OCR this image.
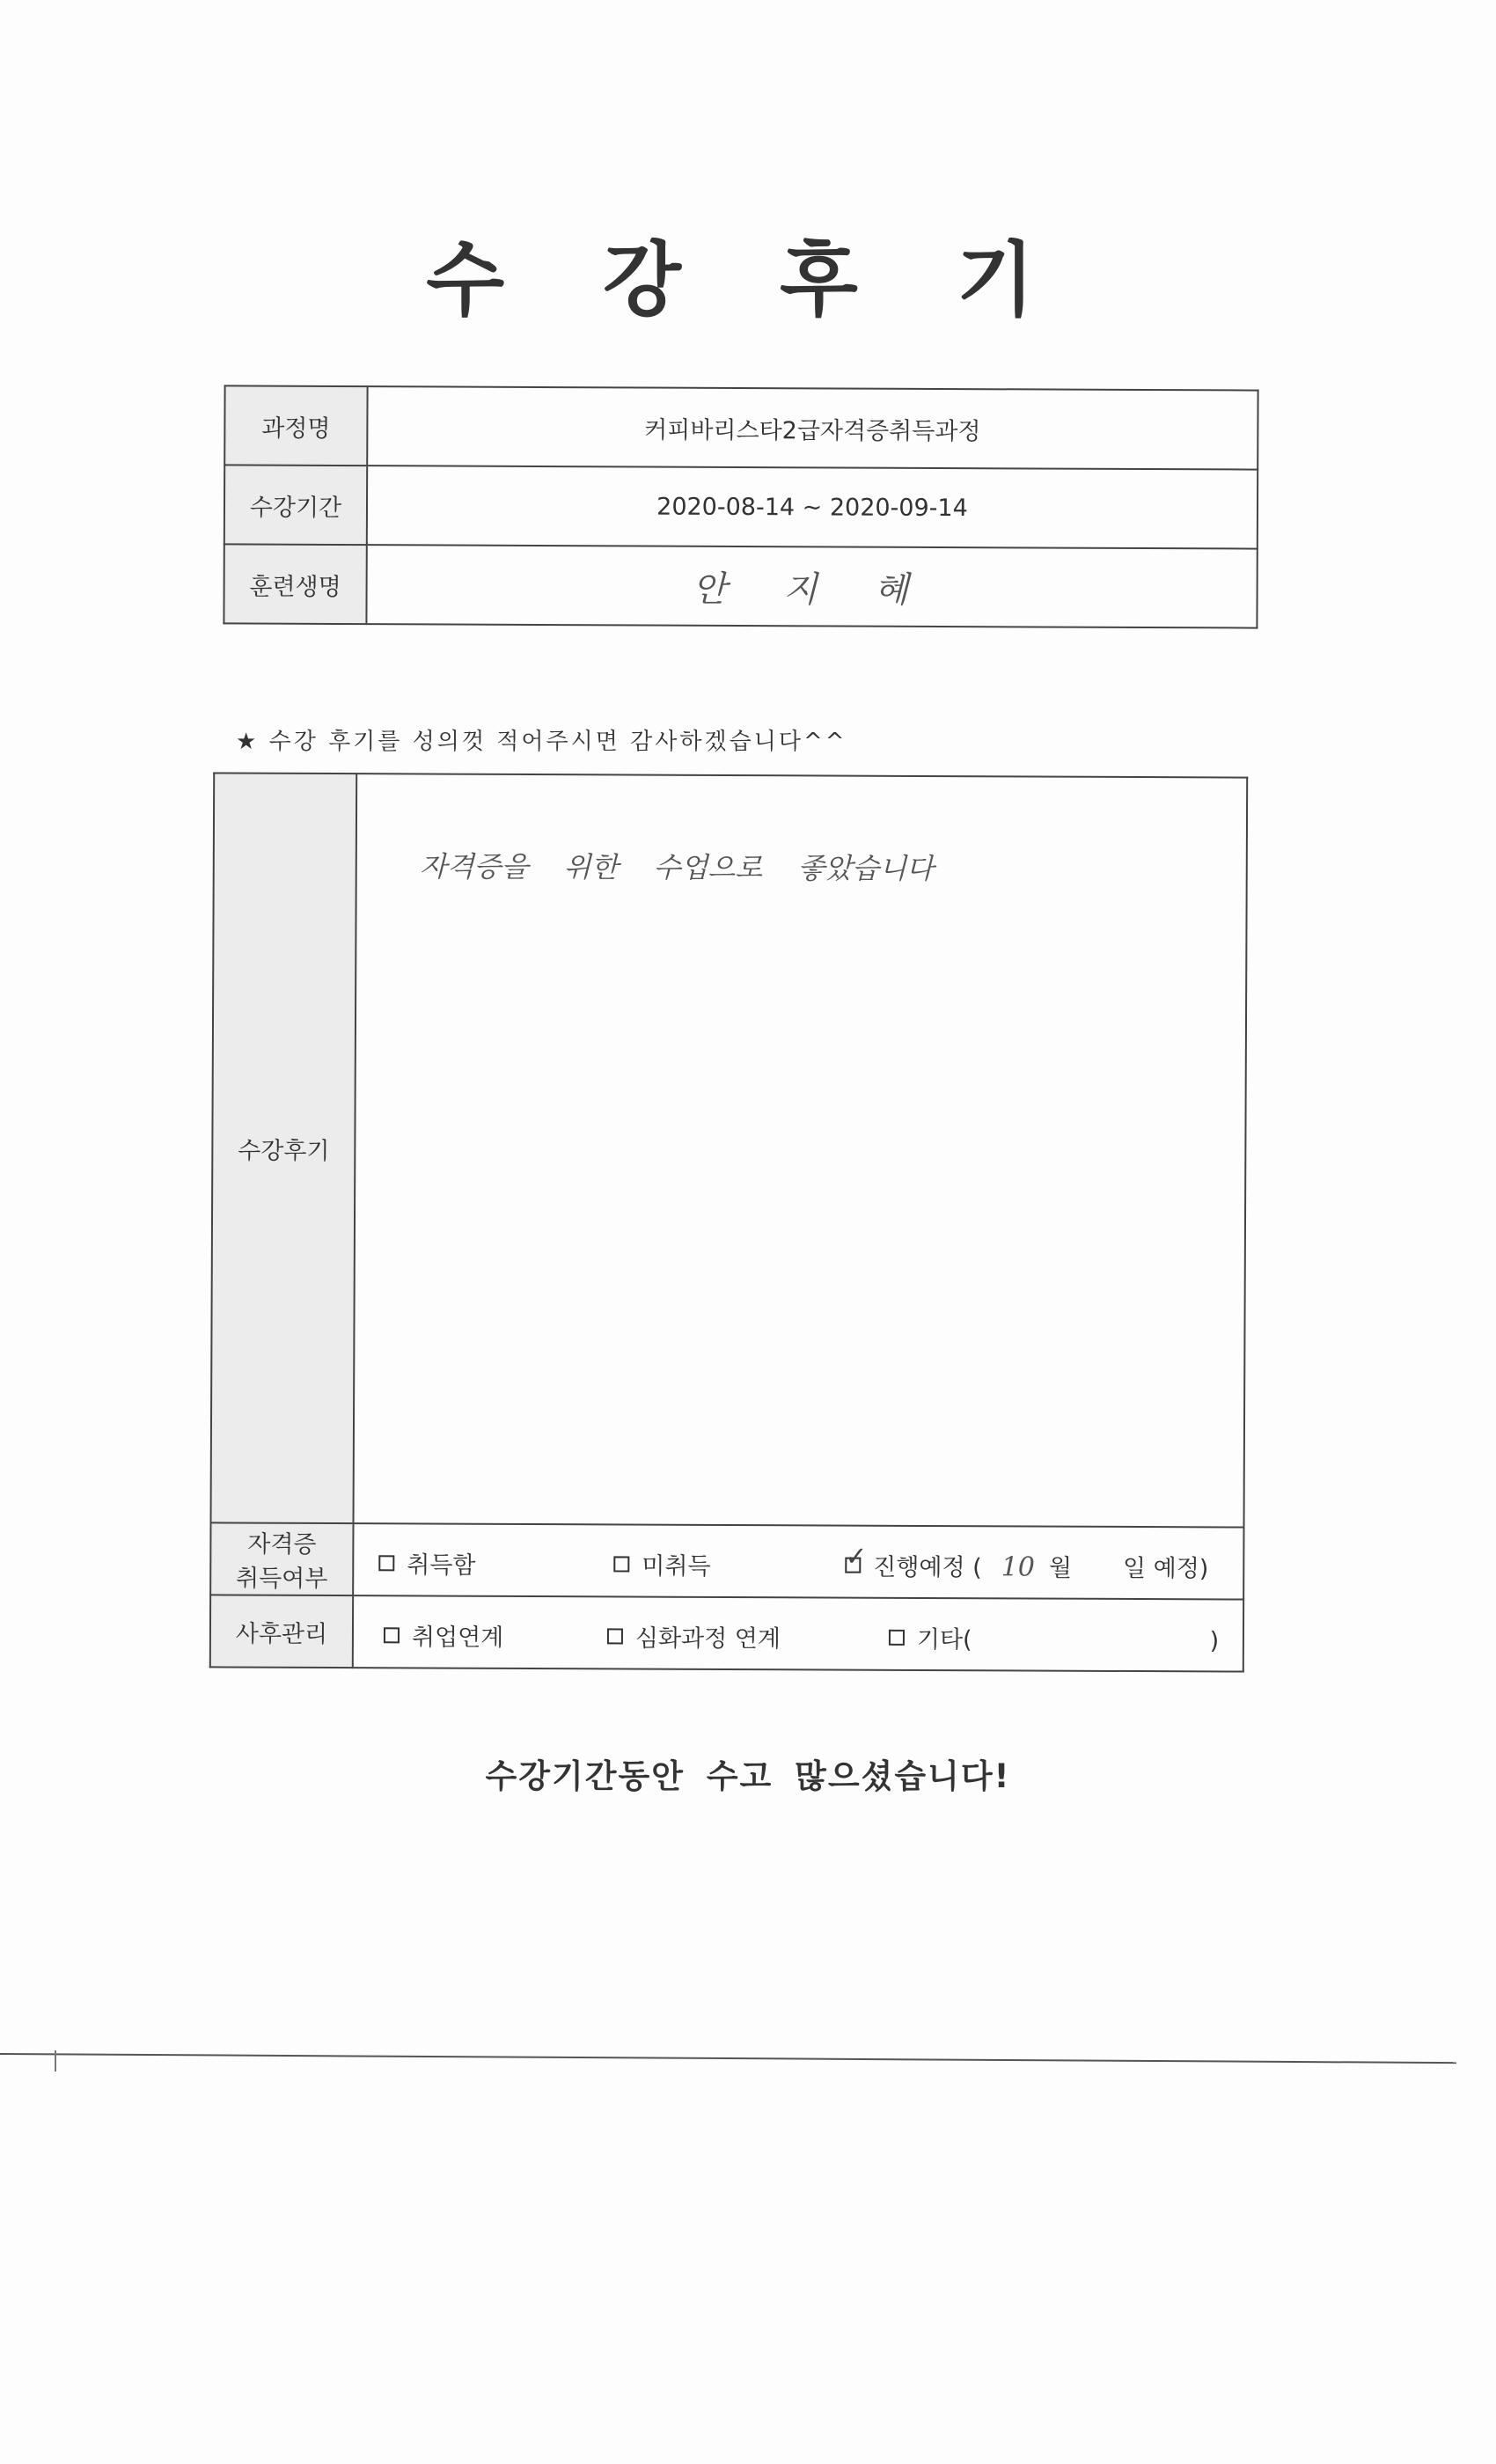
수 강 후 기
과정명	커피바리스타2급자격증취득과정
수강기간	2020-08-14 ~ 2020-09-14
훈련생명	안 지 혜
★ 수강 후기를 성의껏 적어주시면 감사하겠습니다^^
수강후기	자격증을 위한 수업으로 좋았습니다

자격증
취득여부	취득함 미취득 ✓ 진행예정 ( 10 월 일 예정)

사후관리	취업연계 심화과정 연계 기타( )
수강기간동안 수고 많으셨습니다!
